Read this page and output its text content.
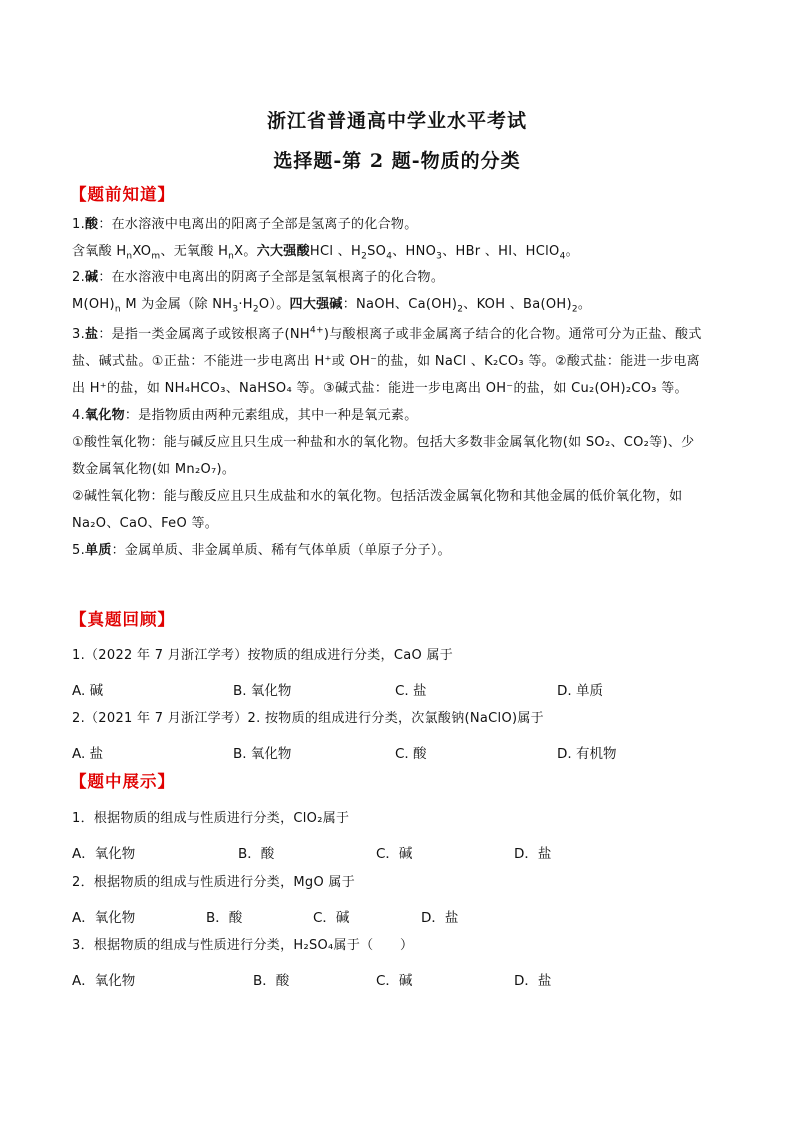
浙江省普通高中学业水平考试
选择题-第 2 题-物质的分类
【题前知道】
1.酸：在水溶液中电离出的阳离子全部是氢离子的化合物。
含氧酸 $H_nXO_m$、无氧酸 $H_nX$。六大强酸HCl 、$H_2SO_4$、$HNO_3$、HBr 、HI、HClO$_4$。
2.碱：在水溶液中电离出的阴离子全部是氢氧根离子的化合物。
$M(OH)_n$ M 为金属（除 $NH_3\cdot H_2O$）。四大强碱：NaOH、$Ca(OH)_2$、KOH 、$Ba(OH)_2$。
3.盐：是指一类金属离子或铵根离子$(NH^{4+})$与酸根离子或非金属离子结合的化合物。通常可分为正盐、酸式
盐、碱式盐。①正盐：不能进一步电离出 H⁺或 OH⁻的盐，如 NaCl 、K₂CO₃ 等。②酸式盐：能进一步电离
出 H⁺的盐，如 NH₄HCO₃、NaHSO₄ 等。③碱式盐：能进一步电离出 OH⁻的盐，如 Cu₂(OH)₂CO₃ 等。
4.氧化物：是指物质由两种元素组成，其中一种是氧元素。
①酸性氧化物：能与碱反应且只生成一种盐和水的氧化物。包括大多数非金属氧化物(如 SO₂、CO₂等)、少
数金属氧化物(如 Mn₂O₇)。
②碱性氧化物：能与酸反应且只生成盐和水的氧化物。包括活泼金属氧化物和其他金属的低价氧化物，如
Na₂O、CaO、FeO 等。
5.单质：金属单质、非金属单质、稀有气体单质（单原子分子）。
【真题回顾】
1.（2022 年 7 月浙江学考）按物质的组成进行分类，CaO 属于
A. 碱	B. 氧化物	C. 盐	D. 单质
2.（2021 年 7 月浙江学考）2. 按物质的组成进行分类，次氯酸钠(NaClO)属于
A. 盐	B. 氧化物	C. 酸	D. 有机物
【题中展示】
1．根据物质的组成与性质进行分类，ClO₂属于
A．氧化物	B．酸	C．碱	D．盐
2．根据物质的组成与性质进行分类，MgO 属于
A．氧化物	B．酸	C．碱	D．盐
3．根据物质的组成与性质进行分类，H₂SO₄属于（　　）
A．氧化物	B．酸	C．碱	D．盐
